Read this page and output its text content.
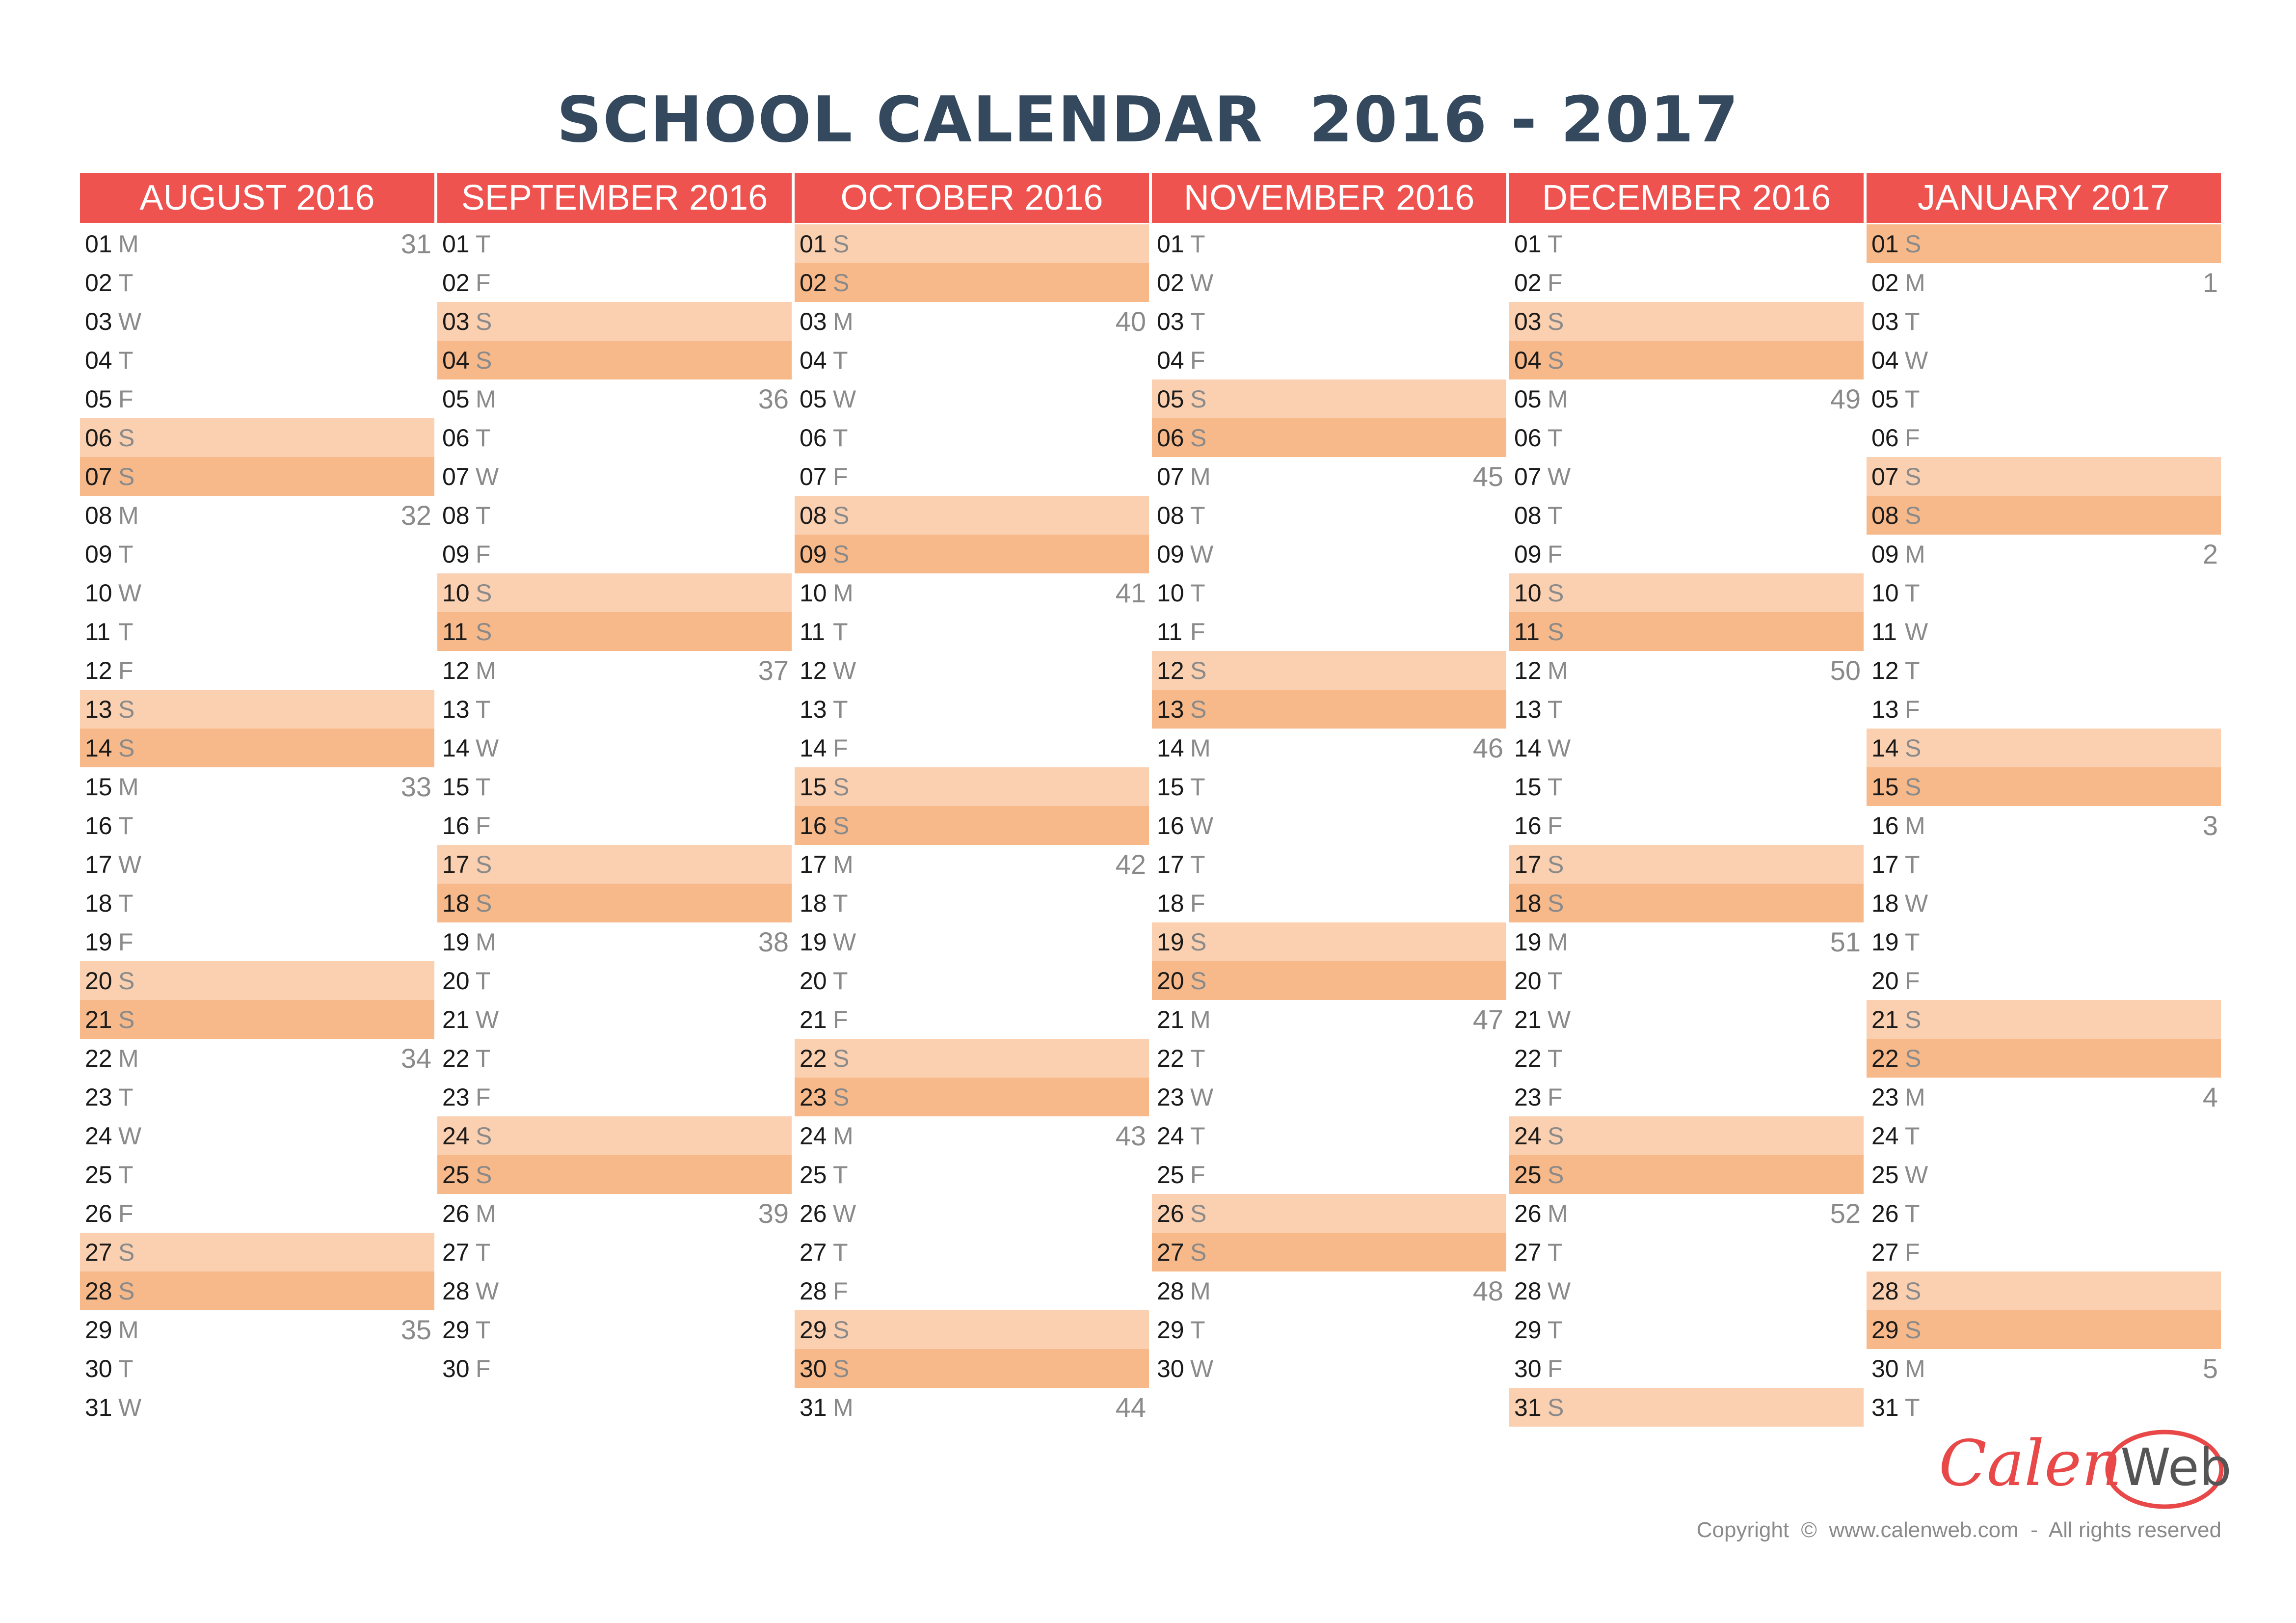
SCHOOL CALENDAR  2016 - 2017
AUGUST 2016
01 M	31
02 T
03 W
04 T
05 F
06 S
07 S
08 M	32
09 T
10 W
11 T
12 F
13 S
14 S
15 M	33
16 T
17 W
18 T
19 F
20 S
21 S
22 M	34
23 T
24 W
25 T
26 F
27 S
28 S
29 M	35
30 T
31 W
SEPTEMBER 2016
01 T
02 F
03 S
04 S
05 M	36
06 T
07 W
08 T
09 F
10 S
11 S
12 M	37
13 T
14 W
15 T
16 F
17 S
18 S
19 M	38
20 T
21 W
22 T
23 F
24 S
25 S
26 M	39
27 T
28 W
29 T
30 F
OCTOBER 2016
01 S
02 S
03 M	40
04 T
05 W
06 T
07 F
08 S
09 S
10 M	41
11 T
12 W
13 T
14 F
15 S
16 S
17 M	42
18 T
19 W
20 T
21 F
22 S
23 S
24 M	43
25 T
26 W
27 T
28 F
29 S
30 S
31 M	44
NOVEMBER 2016
01 T
02 W
03 T
04 F
05 S
06 S
07 M	45
08 T
09 W
10 T
11 F
12 S
13 S
14 M	46
15 T
16 W
17 T
18 F
19 S
20 S
21 M	47
22 T
23 W
24 T
25 F
26 S
27 S
28 M	48
29 T
30 W
DECEMBER 2016
01 T
02 F
03 S
04 S
05 M	49
06 T
07 W
08 T
09 F
10 S
11 S
12 M	50
13 T
14 W
15 T
16 F
17 S
18 S
19 M	51
20 T
21 W
22 T
23 F
24 S
25 S
26 M	52
27 T
28 W
29 T
30 F
31 S
JANUARY 2017
01 S
02 M	1
03 T
04 W
05 T
06 F
07 S
08 S
09 M	2
10 T
11 W
12 T
13 F
14 S
15 S
16 M	3
17 T
18 W
19 T
20 F
21 S
22 S
23 M	4
24 T
25 W
26 T
27 F
28 S
29 S
30 M	5
31 T
Calen
Web
Copyright  ©  www.calenweb.com  -  All rights reserved
